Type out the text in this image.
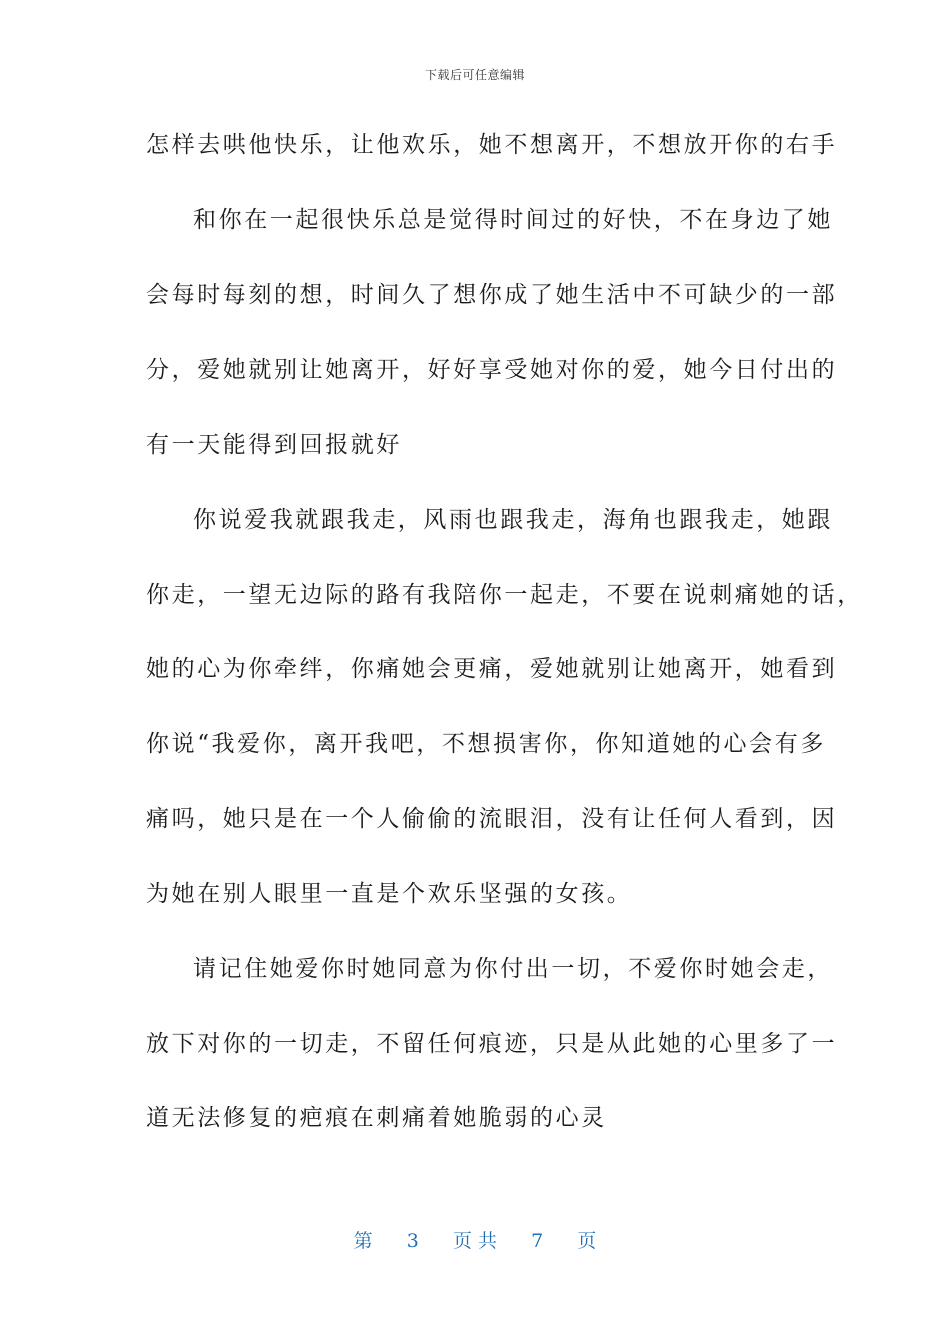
下载后可任意编辑
怎样去哄他快乐，让他欢乐，她不想离开，不想放开你的右手
和你在一起很快乐总是觉得时间过的好快，不在身边了她
会每时每刻的想，时间久了想你成了她生活中不可缺少的一部
分，爱她就别让她离开，好好享受她对你的爱，她今日付出的
有一天能得到回报就好
你说爱我就跟我走，风雨也跟我走，海角也跟我走，她跟
你走，一望无边际的路有我陪你一起走，不要在说刺痛她的话，
她的心为你牵绊，你痛她会更痛，爱她就别让她离开，她看到
你说“我爱你，离开我吧，不想损害你，你知道她的心会有多
痛吗，她只是在一个人偷偷的流眼泪，没有让任何人看到，因
为她在别人眼里一直是个欢乐坚强的女孩。
请记住她爱你时她同意为你付出一切，不爱你时她会走，
放下对你的一切走，不留任何痕迹，只是从此她的心里多了一
道无法修复的疤痕在刺痛着她脆弱的心灵
第 3 页 共 7 页
